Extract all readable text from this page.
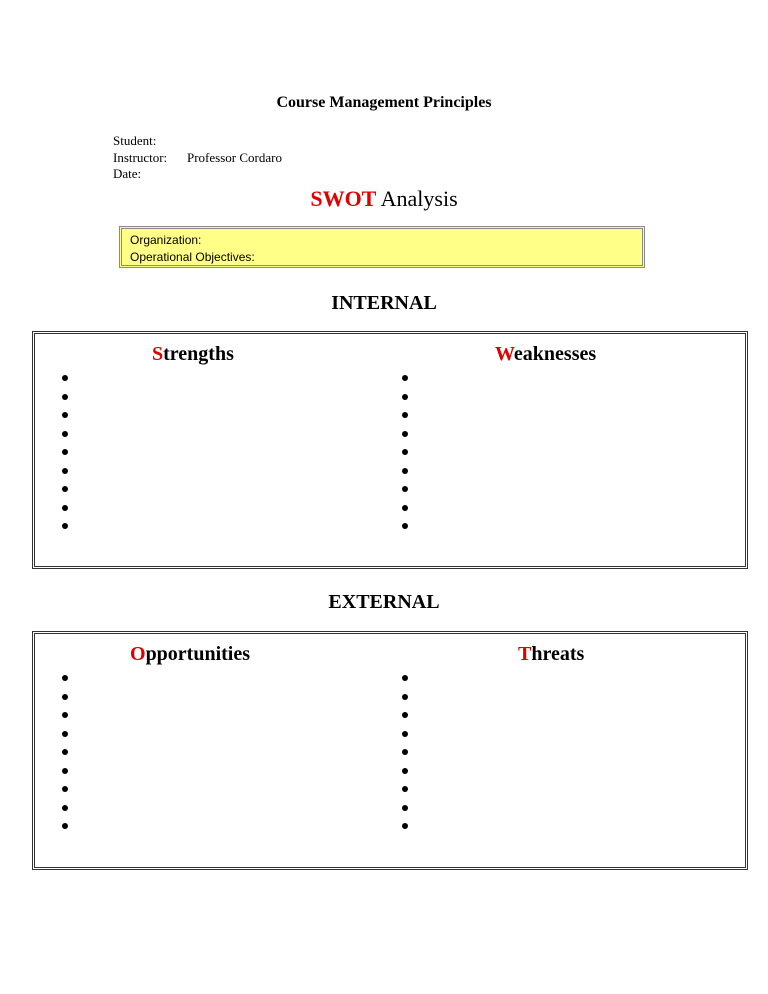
Course Management Principles
Student:
Instructor: Professor Cordaro
Date:
SWOT Analysis
Organization:
Operational Objectives:
INTERNAL
Strengths	Weaknesses
EXTERNAL
Opportunities	Threats
